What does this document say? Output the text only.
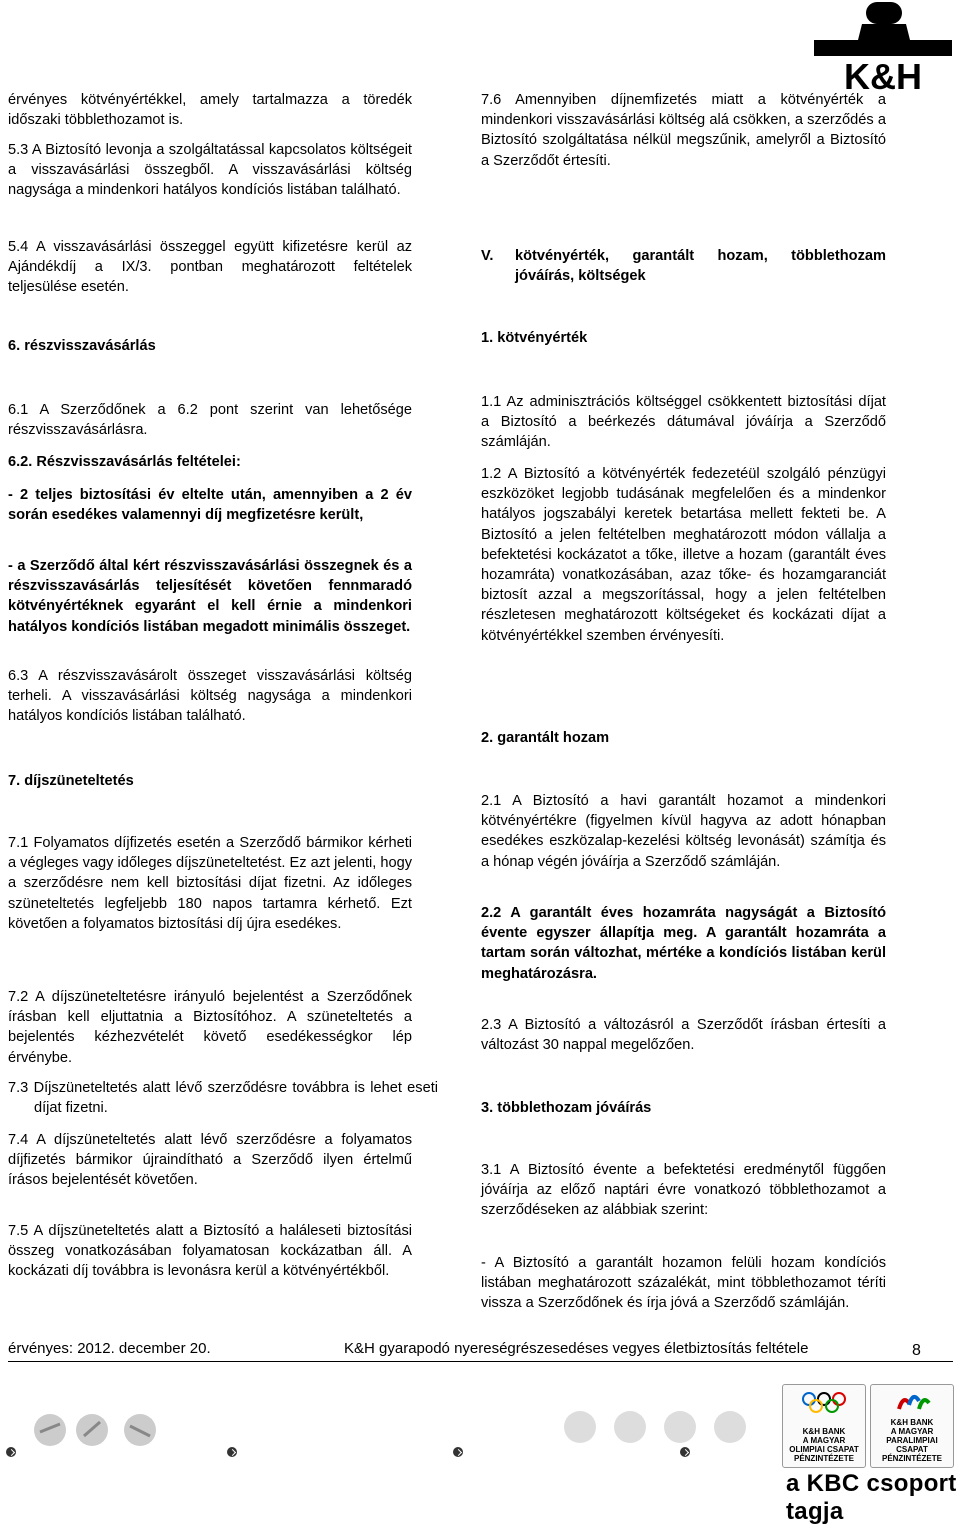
K&H
érvényes kötvényértékkel, amely tartalmazza a töredék időszaki többlethozamot is.
5.3 A Biztosító levonja a szolgáltatással kapcsolatos költségeit a visszavásárlási összegből. A visszavásárlási költség nagysága a mindenkori hatályos kondíciós listában található.
5.4 A visszavásárlási összeggel együtt kifizetésre kerül az Ajándékdíj a IX/3. pontban meghatározott feltételek teljesülése esetén.
6. részvisszavásárlás
6.1 A Szerződőnek a 6.2 pont szerint van lehetősége részvisszavásárlásra.
6.2. Részvisszavásárlás feltételei:
- 2 teljes biztosítási év eltelte után, amennyiben a 2 év során esedékes valamennyi díj megfizetésre került,
- a Szerződő által kért részvisszavásárlási összegnek és a részvisszavásárlás teljesítését követően fennmaradó kötvényértéknek egyaránt el kell érnie a mindenkori hatályos kondíciós listában megadott minimális összeget.
6.3 A részvisszavásárolt összeget visszavásárlási költség terheli. A visszavásárlási költség nagysága a mindenkori hatályos kondíciós listában található.
7. díjszüneteltetés
7.1 Folyamatos díjfizetés esetén a Szerződő bármikor kérheti a végleges vagy időleges díjszüneteltetést. Ez azt jelenti, hogy a szerződésre nem kell biztosítási díjat fizetni. Az időleges szüneteltetés legfeljebb 180 napos tartamra kérhető. Ezt követően a folyamatos biztosítási díj újra esedékes.
7.2 A díjszüneteltetésre irányuló bejelentést a Szerződőnek írásban kell eljuttatnia a Biztosítóhoz. A szüneteltetés a bejelentés kézhezvételét követő esedékességkor lép érvénybe.
7.3 Díjszüneteltetés alatt lévő szerződésre továbbra is lehet eseti díjat fizetni.
7.4 A díjszüneteltetés alatt lévő szerződésre a folyamatos díjfizetés bármikor újraindítható a Szerződő ilyen értelmű írásos bejelentését követően.
7.5 A díjszüneteltetés alatt a Biztosító a haláleseti biztosítási összeg vonatkozásában folyamatosan kockázatban áll. A kockázati díj továbbra is levonásra kerül a kötvényértékből.
7.6 Amennyiben díjnemfizetés miatt a kötvényérték a mindenkori visszavásárlási költség alá csökken, a szerződés a Biztosító szolgáltatása nélkül megszűnik, amelyről a Biztosító a Szerződőt értesíti.
V.	kötvényérték, garantált hozam, többlethozam jóváírás, költségek
1. kötvényérték
1.1 Az adminisztrációs költséggel csökkentett biztosítási díjat a Biztosító a beérkezés dátumával jóváírja a Szerződő számláján.
1.2 A Biztosító a kötvényérték fedezetéül szolgáló pénzügyi eszközöket legjobb tudásának megfelelően és a mindenkor hatályos jogszabályi keretek betartása mellett fekteti be. A Biztosító a jelen feltételben meghatározott módon vállalja a befektetési kockázatot a tőke, illetve a hozam (garantált éves hozamráta) vonatkozásában, azaz tőke- és hozamgaranciát biztosít azzal a megszorítással, hogy a jelen feltételben részletesen meghatározott költségeket és kockázati díjat a kötvényértékkel szemben érvényesíti.
2. garantált hozam
2.1 A Biztosító a havi garantált hozamot a mindenkori kötvényértékre (figyelmen kívül hagyva az adott hónapban esedékes eszközalap-kezelési költség levonását) számítja és a hónap végén jóváírja a Szerződő számláján.
2.2 A garantált éves hozamráta nagyságát a Biztosító évente egyszer állapítja meg. A garantált hozamráta a tartam során változhat, mértéke a kondíciós listában kerül meghatározásra.
2.3 A Biztosító a változásról a Szerződőt írásban értesíti a változást 30 nappal megelőzően.
3. többlethozam jóváírás
3.1 A Biztosító évente a befektetési eredménytől függően jóváírja az előző naptári évre vonatkozó többlethozamot a szerződéseken az alábbiak szerint:
- A Biztosító a garantált hozamon felüli hozam kondíciós listában meghatározott százalékát, mint többlethozamot téríti vissza a Szerződőnek és írja jóvá a Szerződő számláján.
érvényes: 2012. december 20.	K&H gyarapodó nyereségrészesedéses vegyes életbiztosítás feltétele	8
K&H BANK
A MAGYAR
OLIMPIAI CSAPAT
PÉNZINTÉZETE
K&H BANK
A MAGYAR
PARALIMPIAI CSAPAT
PÉNZINTÉZETE
a KBC csoport tagja
